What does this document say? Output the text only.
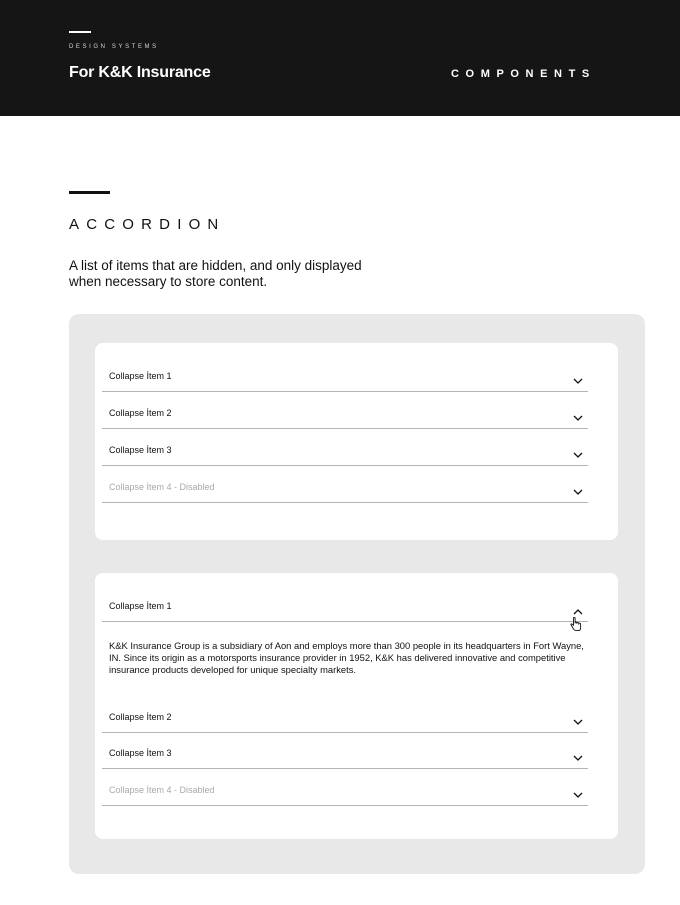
DESIGN SYSTEMS
For K&K Insurance	COMPONENTS
ACCORDION
A list of items that are hidden, and only displayed when necessary to store content.
Collapse İtem 1
Collapse İtem 2
Collapse İtem 3
Collapse İtem 4 - Disabled
Collapse İtem 1

K&K Insurance Group is a subsidiary of Aon and employs more than 300 people in its headquarters in Fort Wayne, IN. Since its origin as a motorsports insurance provider in 1952, K&K has delivered innovative and competitive insurance products developed for unique specialty markets.

Collapse İtem 2
Collapse İtem 3
Collapse İtem 4 - Disabled
